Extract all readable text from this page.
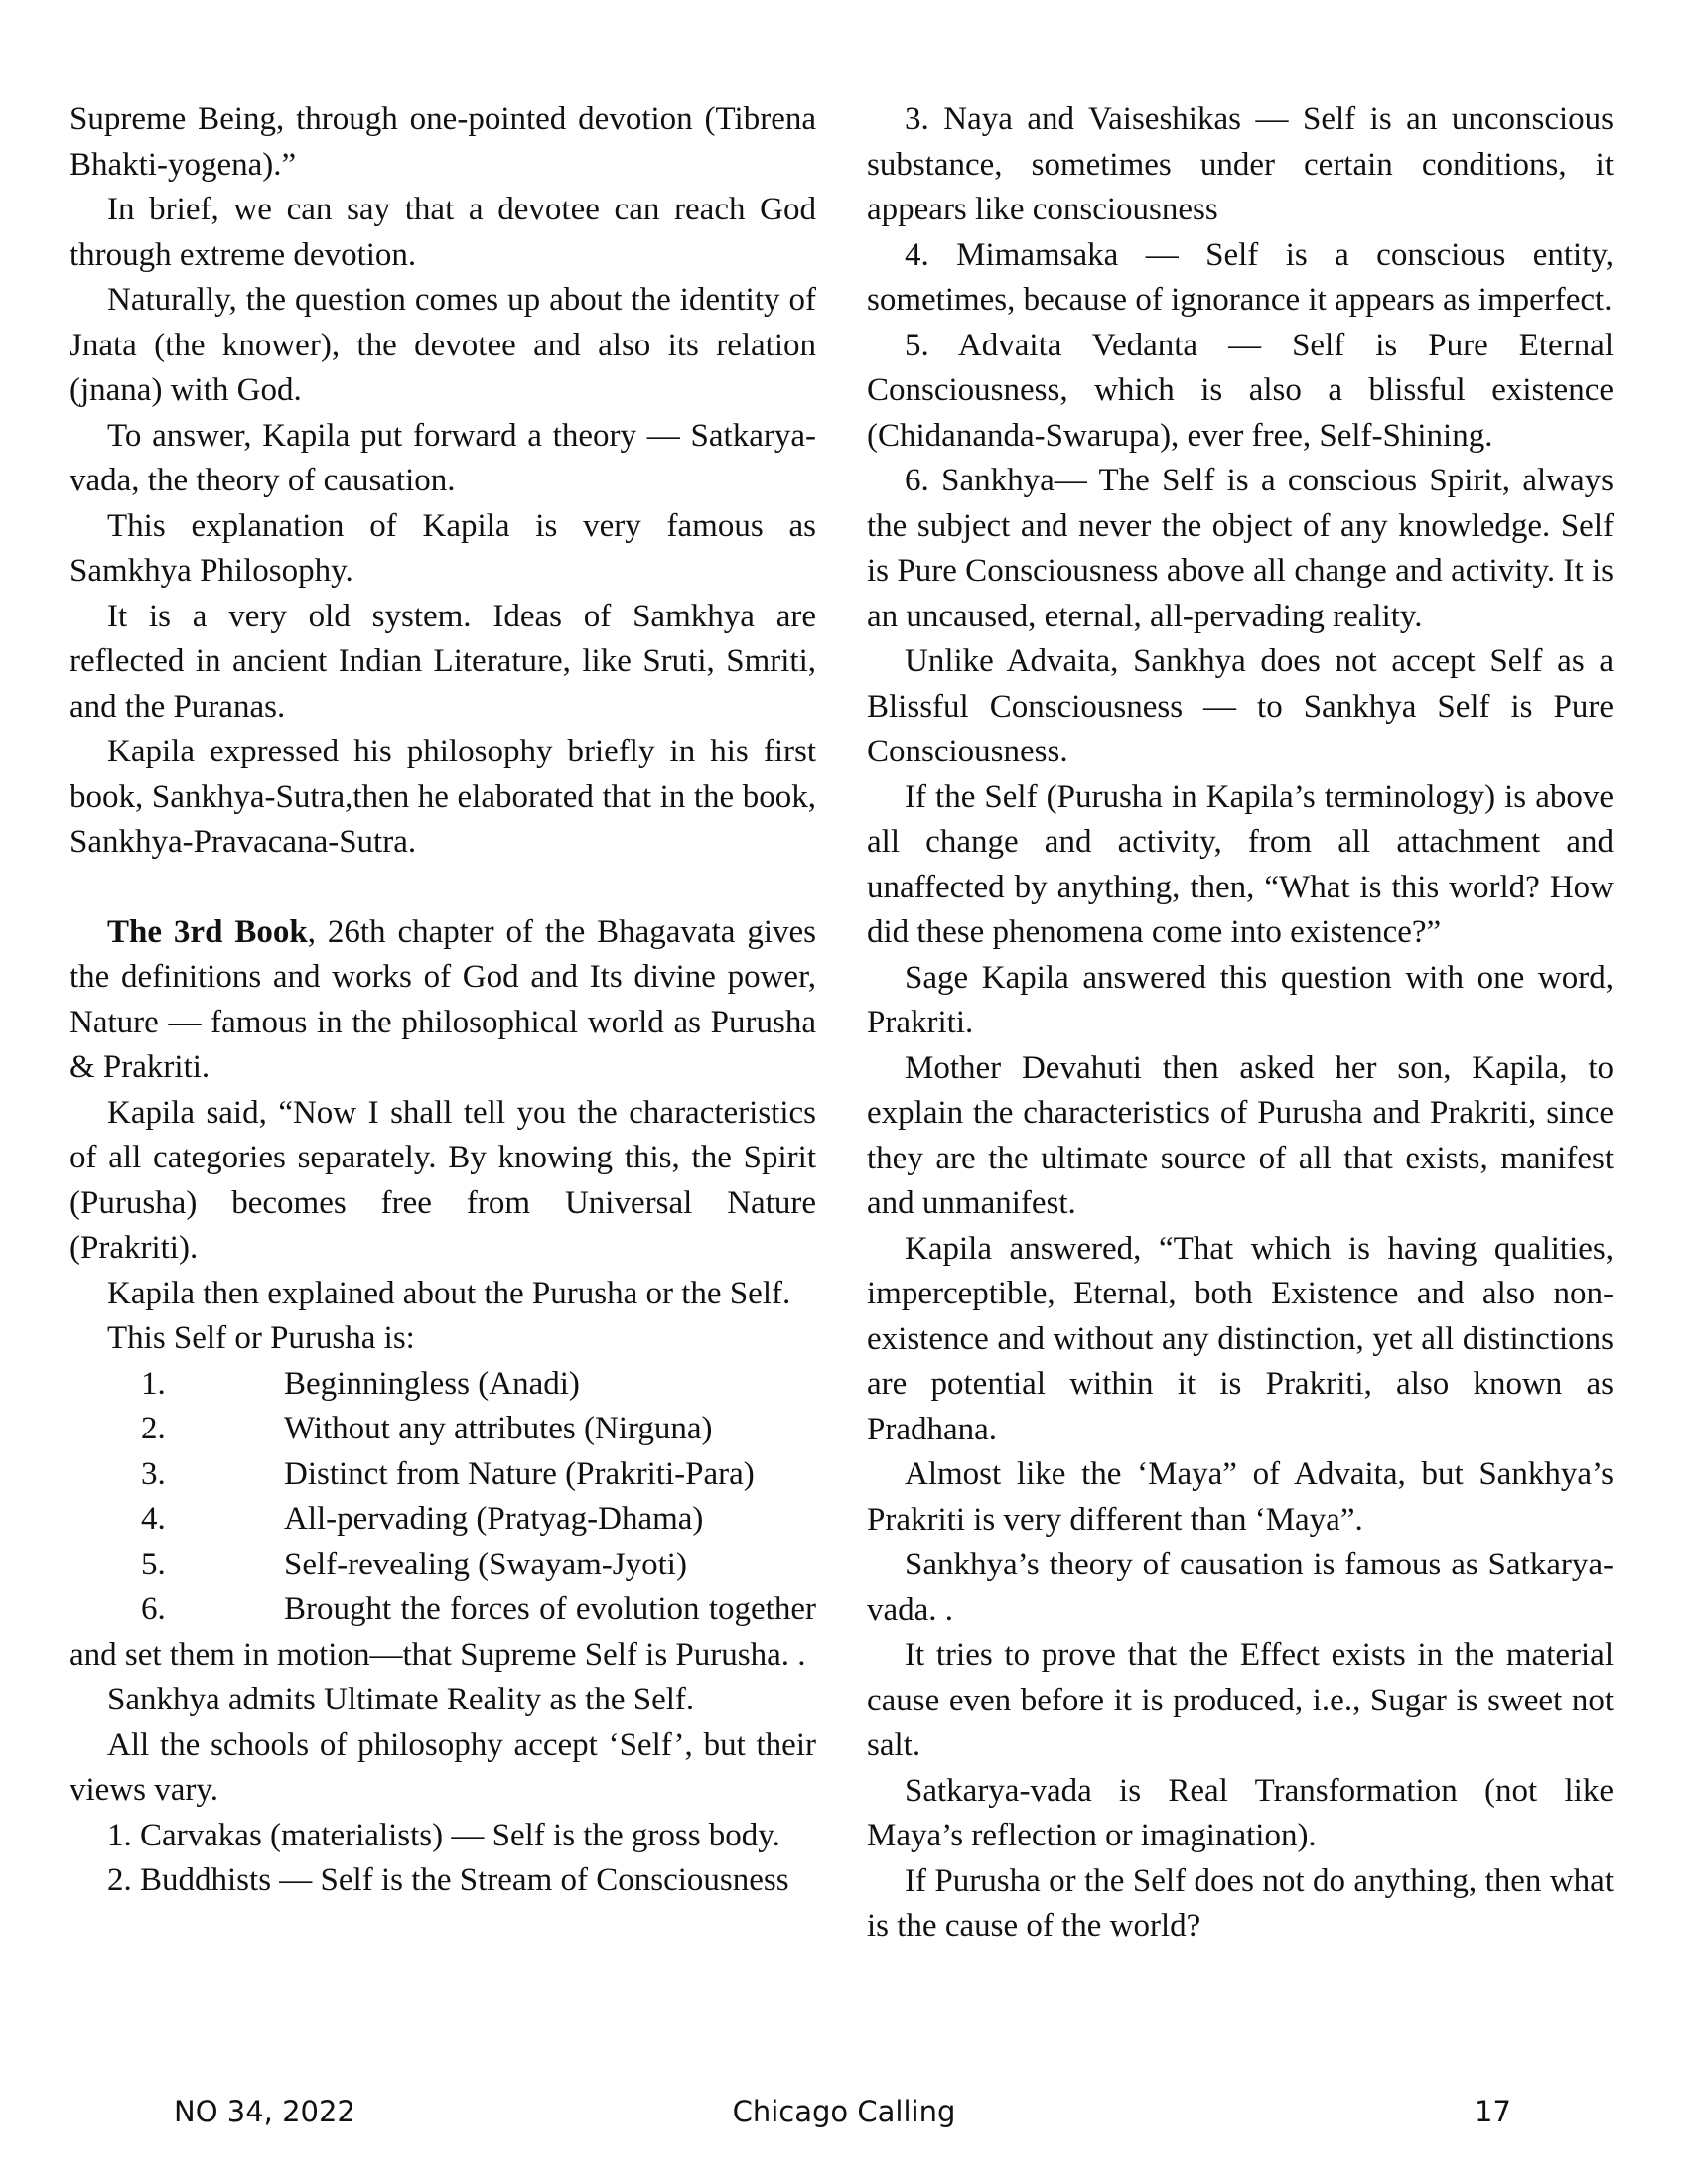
Supreme Being, through one-pointed devotion (Tibrena Bhakti-yogena).”

In brief, we can say that a devotee can reach God through extreme devotion.

Naturally, the question comes up about the identity of Jnata (the knower), the devotee and also its relation (jnana) with God.

To answer, Kapila put forward a theory — Satkarya-vada, the theory of causation.

This explanation of Kapila is very famous as Samkhya Philosophy.

It is a very old system. Ideas of Samkhya are reflected in ancient Indian Literature, like Sruti, Smriti, and the Puranas.

Kapila expressed his philosophy briefly in his first book, Sankhya-Sutra,then he elaborated that in the book, Sankhya-Pravacana-Sutra.

The 3rd Book, 26th chapter of the Bhagavata gives the definitions and works of God and Its divine power, Nature — famous in the philosophical world as Purusha & Prakriti.

Kapila said, “Now I shall tell you the characteristics of all categories separately. By knowing this, the Spirit (Purusha) becomes free from Universal Nature (Prakriti).

Kapila then explained about the Purusha or the Self.

This Self or Purusha is:

1.	Beginningless (Anadi)

2.	Without any attributes (Nirguna)

3.	Distinct from Nature (Prakriti-Para)

4.	All-pervading (Pratyag-Dhama)

5.	Self-revealing (Swayam-Jyoti)

6.	Brought the forces of evolution together and set them in motion—that Supreme Self is Purusha. .

Sankhya admits Ultimate Reality as the Self.

All the schools of philosophy accept ‘Self’, but their views vary.

1. Carvakas (materialists) — Self is the gross body.

2. Buddhists — Self is the Stream of Consciousness

3. Naya and Vaiseshikas — Self is an unconscious substance, sometimes under certain conditions, it appears like consciousness

4. Mimamsaka — Self is a conscious entity, sometimes, because of ignorance it appears as imperfect.

5. Advaita Vedanta — Self is Pure Eternal Consciousness, which is also a blissful existence (Chidananda-Swarupa), ever free, Self-Shining.

6. Sankhya— The Self is a conscious Spirit, always the subject and never the object of any knowledge. Self is Pure Consciousness above all change and activity. It is an uncaused, eternal, all-pervading reality.

Unlike Advaita, Sankhya does not accept Self as a Blissful Consciousness — to Sankhya Self is Pure Consciousness.

If the Self (Purusha in Kapila’s terminology) is above all change and activity, from all attachment and unaffected by anything, then, “What is this world? How did these phenomena come into existence?”

Sage Kapila answered this question with one word, Prakriti.

Mother Devahuti then asked her son, Kapila, to explain the characteristics of Purusha and Prakriti, since they are the ultimate source of all that exists, manifest and unmanifest.

Kapila answered, “That which is having qualities, imperceptible, Eternal, both Existence and also non-existence and without any distinction, yet all distinctions are potential within it is Prakriti, also known as Pradhana.

Almost like the ‘Maya” of Advaita, but Sankhya’s Prakriti is very different than ‘Maya”.

Sankhya’s theory of causation is famous as Satkarya-vada. .

It tries to prove that the Effect exists in the material cause even before it is produced, i.e., Sugar is sweet not salt.

Satkarya-vada is Real Transformation (not like Maya’s reflection or imagination).

If Purusha or the Self does not do anything, then what is the cause of the world?

NO 34, 2022	Chicago Calling	17
